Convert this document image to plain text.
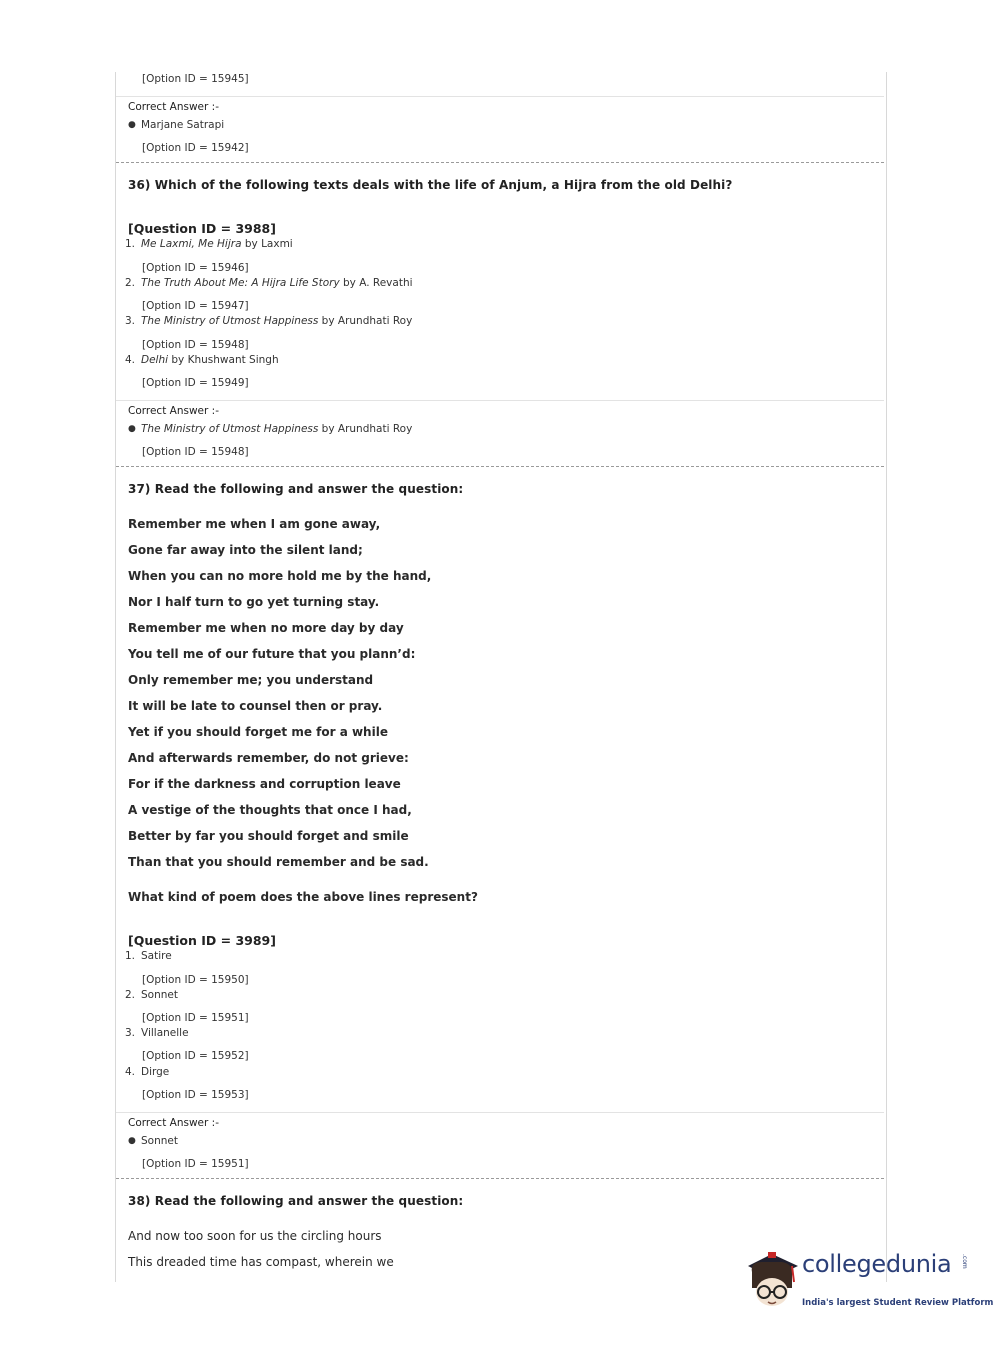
[Option ID = 15945]
Correct Answer :-
● Marjane Satrapi
[Option ID = 15942]
36) Which of the following texts deals with the life of Anjum, a Hijra from the old Delhi?
[Question ID = 3988]
1. Me Laxmi, Me Hijra by Laxmi
[Option ID = 15946]
2. The Truth About Me: A Hijra Life Story by A. Revathi
[Option ID = 15947]
3. The Ministry of Utmost Happiness by Arundhati Roy
[Option ID = 15948]
4. Delhi by Khushwant Singh
[Option ID = 15949]
Correct Answer :-
● The Ministry of Utmost Happiness by Arundhati Roy
[Option ID = 15948]
37) Read the following and answer the question:
Remember me when I am gone away,
Gone far away into the silent land;
When you can no more hold me by the hand,
Nor I half turn to go yet turning stay.
Remember me when no more day by day
You tell me of our future that you plann’d:
Only remember me; you understand
It will be late to counsel then or pray.
Yet if you should forget me for a while
And afterwards remember, do not grieve:
For if the darkness and corruption leave
A vestige of the thoughts that once I had,
Better by far you should forget and smile
Than that you should remember and be sad.
What kind of poem does the above lines represent?
[Question ID = 3989]
1. Satire
[Option ID = 15950]
2. Sonnet
[Option ID = 15951]
3. Villanelle
[Option ID = 15952]
4. Dirge
[Option ID = 15953]
Correct Answer :-
● Sonnet
[Option ID = 15951]
38) Read the following and answer the question:
And now too soon for us the circling hours
This dreaded time has compast, wherein we	collegedunia .com
India's largest Student Review Platform
